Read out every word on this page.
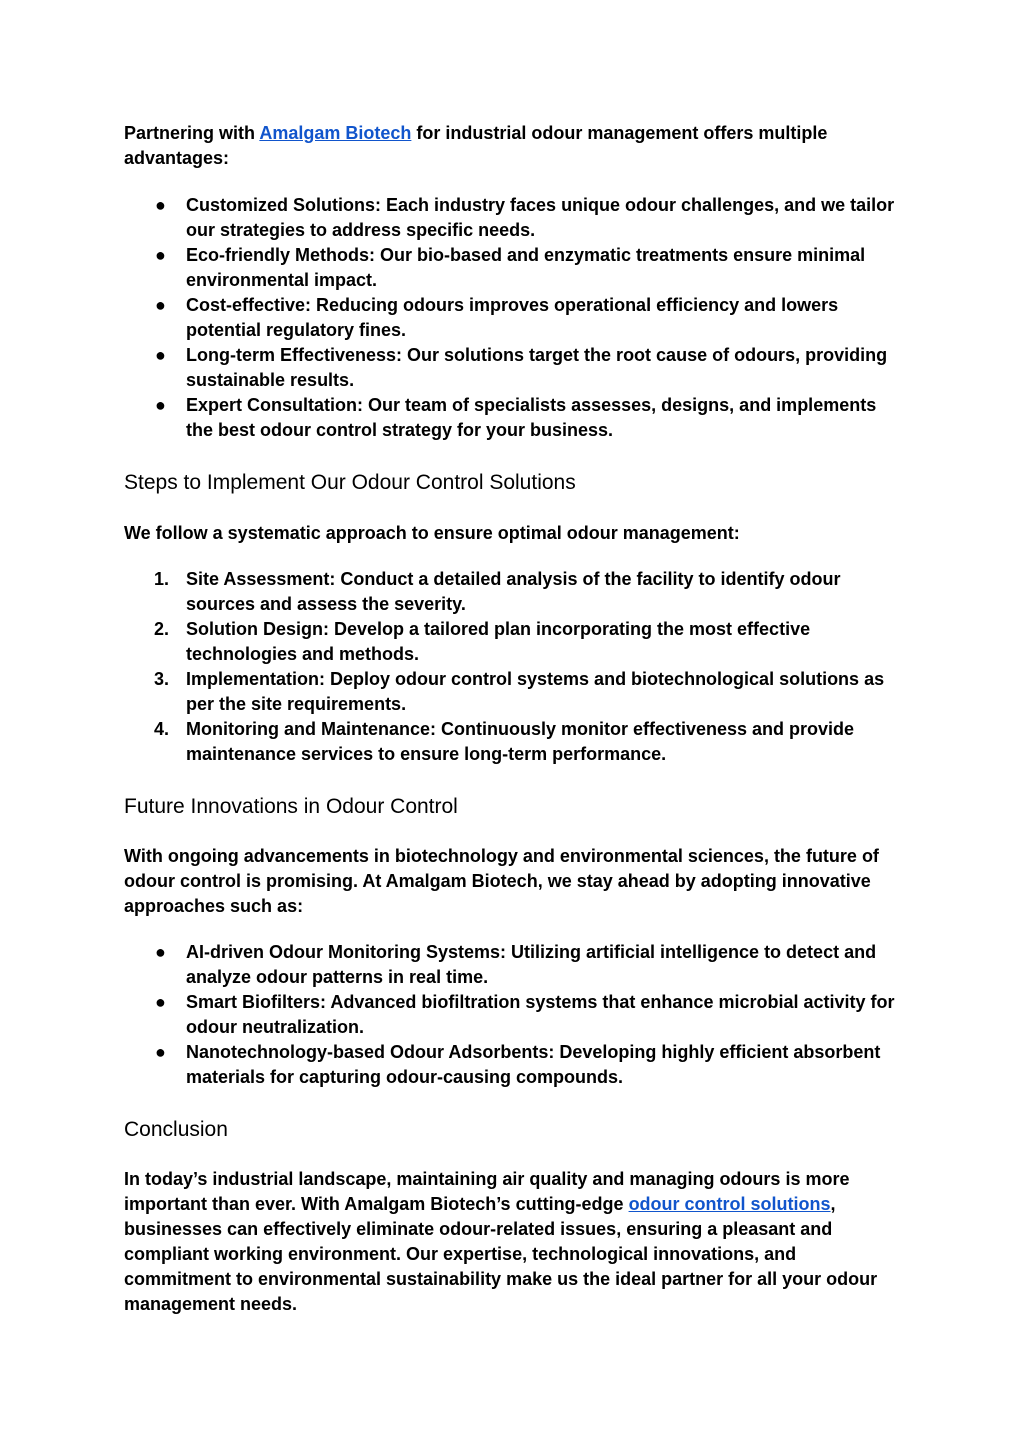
Partnering with Amalgam Biotech for industrial odour management offers multiple advantages:

●	Customized Solutions: Each industry faces unique odour challenges, and we tailor our strategies to address specific needs.
●	Eco-friendly Methods: Our bio-based and enzymatic treatments ensure minimal environmental impact.
●	Cost-effective: Reducing odours improves operational efficiency and lowers potential regulatory fines.
●	Long-term Effectiveness: Our solutions target the root cause of odours, providing sustainable results.
●	Expert Consultation: Our team of specialists assesses, designs, and implements the best odour control strategy for your business.
Steps to Implement Our Odour Control Solutions

We follow a systematic approach to ensure optimal odour management:

1. Site Assessment: Conduct a detailed analysis of the facility to identify odour sources and assess the severity.
2. Solution Design: Develop a tailored plan incorporating the most effective technologies and methods.
3. Implementation: Deploy odour control systems and biotechnological solutions as per the site requirements.
4. Monitoring and Maintenance: Continuously monitor effectiveness and provide maintenance services to ensure long-term performance.
Future Innovations in Odour Control

With ongoing advancements in biotechnology and environmental sciences, the future of odour control is promising. At Amalgam Biotech, we stay ahead by adopting innovative approaches such as:

●	AI-driven Odour Monitoring Systems: Utilizing artificial intelligence to detect and analyze odour patterns in real time.
●	Smart Biofilters: Advanced biofiltration systems that enhance microbial activity for odour neutralization.
●	Nanotechnology-based Odour Adsorbents: Developing highly efficient absorbent materials for capturing odour-causing compounds.
Conclusion

In today’s industrial landscape, maintaining air quality and managing odours is more important than ever. With Amalgam Biotech’s cutting-edge odour control solutions, businesses can effectively eliminate odour-related issues, ensuring a pleasant and compliant working environment. Our expertise, technological innovations, and commitment to environmental sustainability make us the ideal partner for all your odour management needs.
